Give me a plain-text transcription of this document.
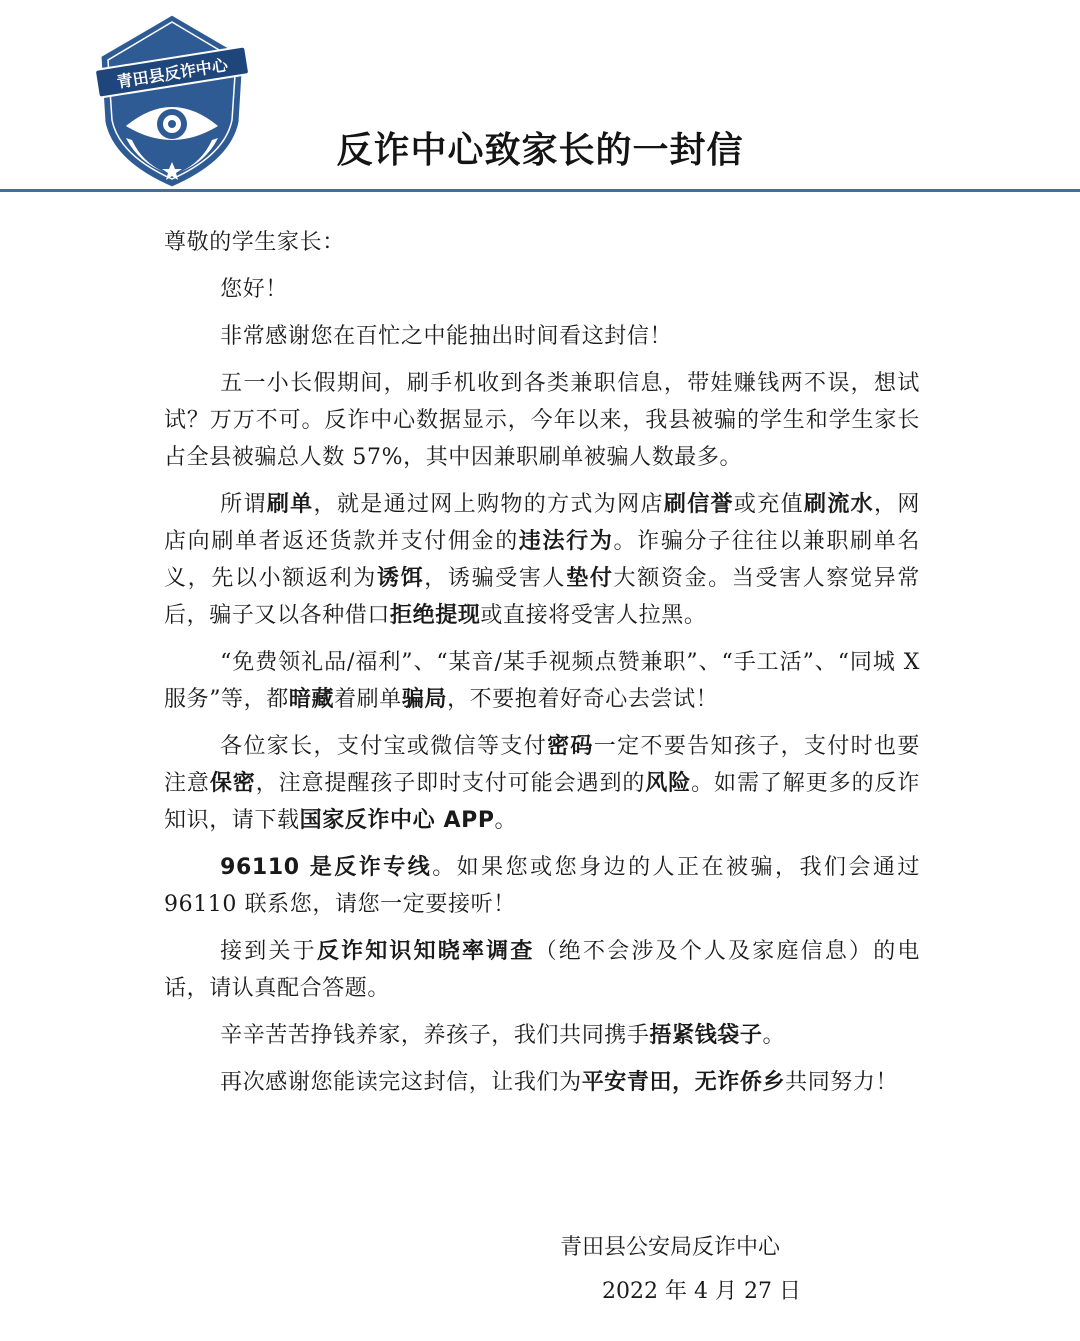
青田县反诈中心
反诈中心致家长的一封信

尊敬的学生家长：

您好！

非常感谢您在百忙之中能抽出时间看这封信！

五一小长假期间，刷手机收到各类兼职信息，带娃赚钱两不误，想试试？万万不可。反诈中心数据显示，今年以来，我县被骗的学生和学生家长占全县被骗总人数 57%，其中因兼职刷单被骗人数最多。

所谓刷单，就是通过网上购物的方式为网店刷信誉或充值刷流水，网店向刷单者返还货款并支付佣金的违法行为。诈骗分子往往以兼职刷单名义，先以小额返利为诱饵，诱骗受害人垫付大额资金。当受害人察觉异常后，骗子又以各种借口拒绝提现或直接将受害人拉黑。

“免费领礼品/福利”、“某音/某手视频点赞兼职”、“手工活”、“同城 X 服务”等，都暗藏着刷单骗局，不要抱着好奇心去尝试！

各位家长，支付宝或微信等支付密码一定不要告知孩子，支付时也要注意保密，注意提醒孩子即时支付可能会遇到的风险。如需了解更多的反诈知识，请下载国家反诈中心 APP。

96110 是反诈专线。如果您或您身边的人正在被骗，我们会通过 96110 联系您，请您一定要接听！

接到关于反诈知识知晓率调查（绝不会涉及个人及家庭信息）的电话，请认真配合答题。

辛辛苦苦挣钱养家，养孩子，我们共同携手捂紧钱袋子。

再次感谢您能读完这封信，让我们为平安青田，无诈侨乡共同努力！

青田县公安局反诈中心
2022 年 4 月 27 日
